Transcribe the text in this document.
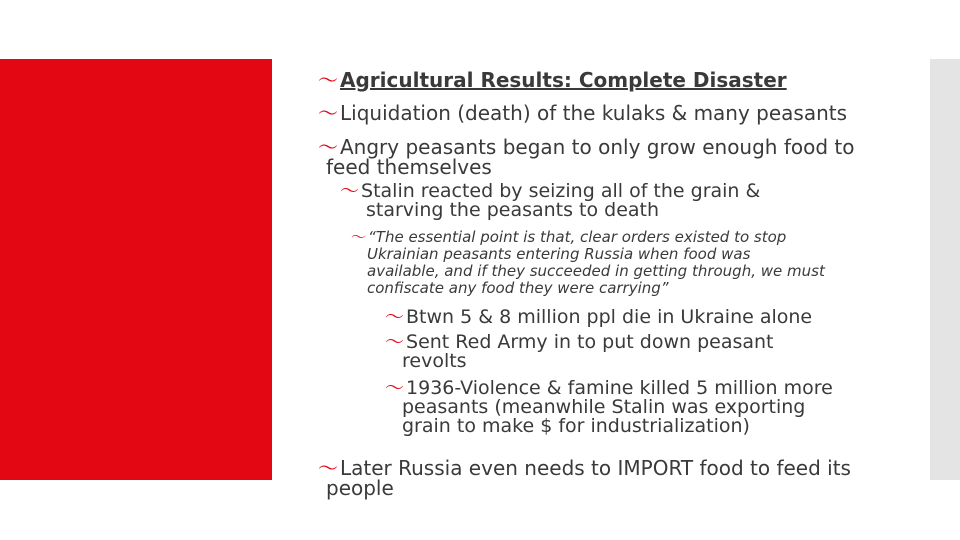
〜 Agricultural Results: Complete Disaster

〜 Liquidation (death) of the kulaks & many peasants

〜 Angry peasants began to only grow enough food to
feed themselves

〜 Stalin reacted by seizing all of the grain &
starving the peasants to death

〜 “The essential point is that, clear orders existed to stop
Ukrainian peasants entering Russia when food was
available, and if they succeeded in getting through, we must
confiscate any food they were carrying”

〜 Btwn 5 & 8 million ppl die in Ukraine alone

〜 Sent Red Army in to put down peasant
revolts

〜 1936-Violence & famine killed 5 million more
peasants (meanwhile Stalin was exporting
grain to make $ for industrialization)

〜 Later Russia even needs to IMPORT food to feed its
people
